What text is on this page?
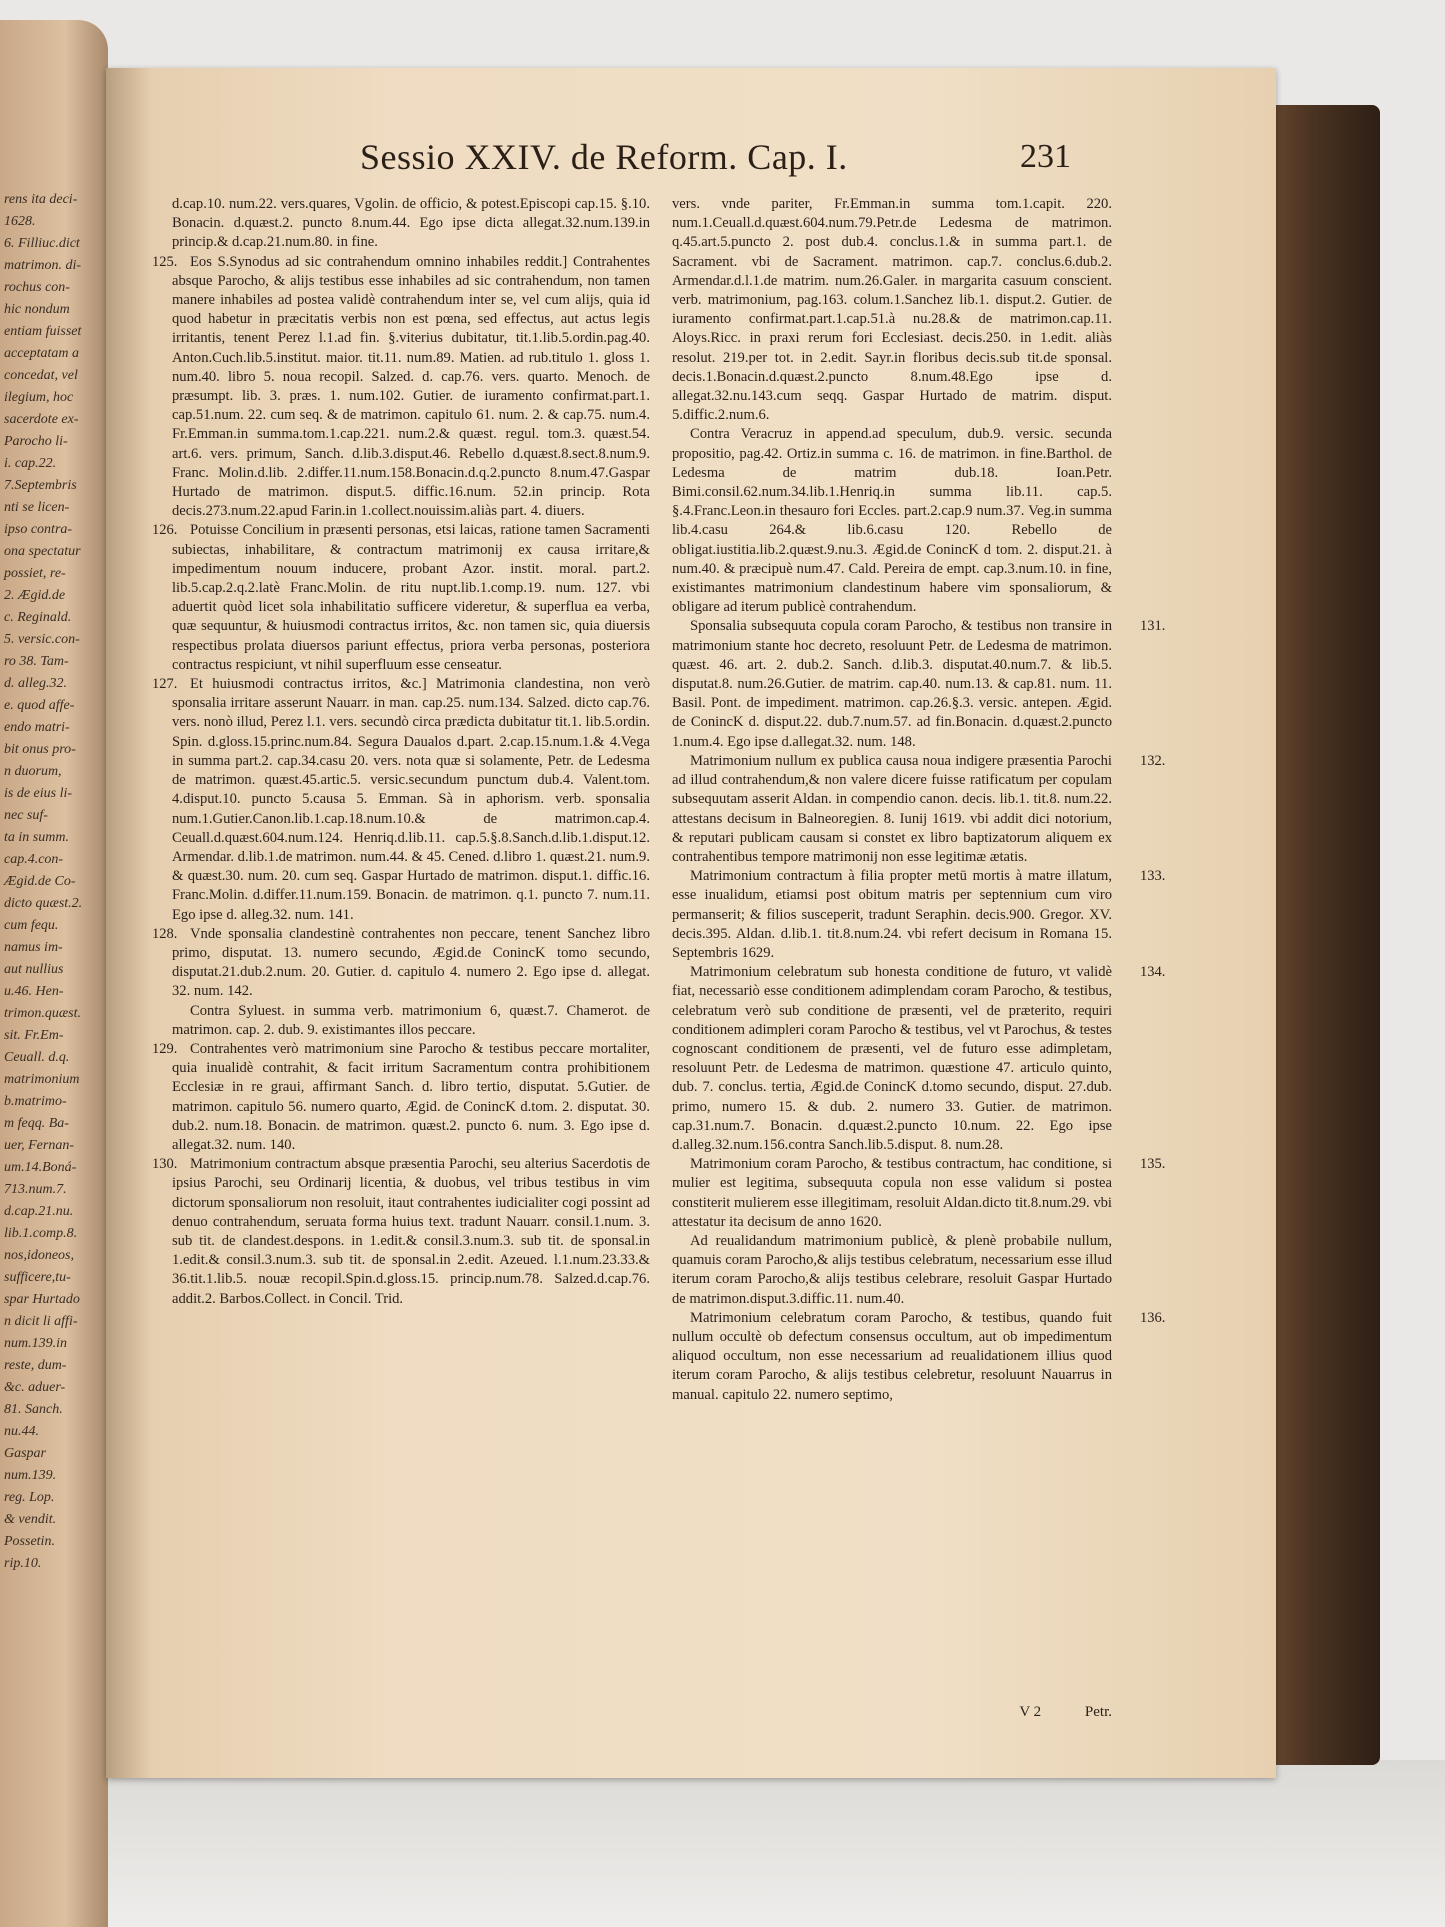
rens ita deci-
1628.
6. Filliuc.dict
matrimon. di-
rochus con-
hic nondum
entiam fuisset
acceptatam a
concedat, vel
ilegium, hoc
sacerdote ex-
Parocho li-
i. cap.22.
7.Septembris
nti se licen-
ipso contra-
ona spectatur
possiet, re-
2. Ægid.de
c. Reginald.
5. versic.con-
ro 38. Tam-
d. alleg.32.
e. quod affe-
endo matri-
bit onus pro-
n duorum,
is de eius li-
nec suf-
ta in summ.
cap.4.con-
Ægid.de Co-
dicto quæst.2.
cum fequ.
namus im-
aut nullius
u.46. Hen-
trimon.quæst.
sit. Fr.Em-
Ceuall. d.q.
matrimonium
b.matrimo-
m feqq. Ba-
uer, Fernan-
um.14.Boná-
713.num.7.
d.cap.21.nu.
lib.1.comp.8.
nos,idoneos,
sufficere,tu-
spar Hurtado
n dicit li affi-
num.139.in
reste, dum-
&c. aduer-
81. Sanch.
nu.44.
Gaspar
num.139.
reg. Lop.
& vendit.
Possetin.
rip.10.
Sessio XXIV. de Reform. Cap. I.	231

d.cap.10. num.22. vers.quares, Vgolin. de officio, & potest.Episcopi cap.15. §.10. Bonacin. d.quæst.2. puncto 8.num.44. Ego ipse dicta allegat.32.num.139.in princip.& d.cap.21.num.80. in fine.

125. Eos S.Synodus ad sic contrahendum omnino inhabiles reddit.] Contrahentes absque Parocho, & alijs testibus esse inhabiles ad sic contrahendum, non tamen manere inhabiles ad postea validè contrahendum inter se, vel cum alijs, quia id quod habetur in præcitatis verbis non est pœna, sed effectus, aut actus legis irritantis, tenent Perez l.1.ad fin. §.viterius dubitatur, tit.1.lib.5.ordin.pag.40. Anton.Cuch.lib.5.institut. maior. tit.11. num.89. Matien. ad rub.titulo 1. gloss 1. num.40. libro 5. noua recopil. Salzed. d. cap.76. vers. quarto. Menoch. de præsumpt. lib. 3. præs. 1. num.102. Gutier. de iuramento confirmat.part.1. cap.51.num. 22. cum seq. & de matrimon. capitulo 61. num. 2. & cap.75. num.4. Fr.Emman.in summa.tom.1.cap.221. num.2.& quæst. regul. tom.3. quæst.54. art.6. vers. primum, Sanch. d.lib.3.disput.46. Rebello d.quæst.8.sect.8.num.9. Franc. Molin.d.lib. 2.differ.11.num.158.Bonacin.d.q.2.puncto 8.num.47.Gaspar Hurtado de matrimon. disput.5. diffic.16.num. 52.in princip. Rota decis.273.num.22.apud Farin.in 1.collect.nouissim.aliàs part. 4. diuers.

126. Potuisse Concilium in præsenti personas, etsi laicas, ratione tamen Sacramenti subiectas, inhabilitare, & contractum matrimonij ex causa irritare,& impedimentum nouum inducere, probant Azor. instit. moral. part.2. lib.5.cap.2.q.2.latè Franc.Molin. de ritu nupt.lib.1.comp.19. num. 127. vbi aduertit quòd licet sola inhabilitatio sufficere videretur, & superflua ea verba, quæ sequuntur, & huiusmodi contractus irritos, &c. non tamen sic, quia diuersis respectibus prolata diuersos pariunt effectus, priora verba personas, posteriora contractus respiciunt, vt nihil superfluum esse censeatur.

127. Et huiusmodi contractus irritos, &c.] Matrimonia clandestina, non verò sponsalia irritare asserunt Nauarr. in man. cap.25. num.134. Salzed. dicto cap.76. vers. nonò illud, Perez l.1. vers. secundò circa prædicta dubitatur tit.1. lib.5.ordin. Spin. d.gloss.15.princ.num.84. Segura Daualos d.part. 2.cap.15.num.1.& 4.Vega in summa part.2. cap.34.casu 20. vers. nota quæ si solamente, Petr. de Ledesma de matrimon. quæst.45.artic.5. versic.secundum punctum dub.4. Valent.tom. 4.disput.10. puncto 5.causa 5. Emman. Sà in aphorism. verb. sponsalia num.1.Gutier.Canon.lib.1.cap.18.num.10.& de matrimon.cap.4. Ceuall.d.quæst.604.num.124. Henriq.d.lib.11. cap.5.§.8.Sanch.d.lib.1.disput.12. Armendar. d.lib.1.de matrimon. num.44. & 45. Cened. d.libro 1. quæst.21. num.9. & quæst.30. num. 20. cum seq. Gaspar Hurtado de matrimon. disput.1. diffic.16. Franc.Molin. d.differ.11.num.159. Bonacin. de matrimon. q.1. puncto 7. num.11. Ego ipse d. alleg.32. num. 141.

128. Vnde sponsalia clandestinè contrahentes non peccare, tenent Sanchez libro primo, disputat. 13. numero secundo, Ægid.de ConincK tomo secundo, disputat.21.dub.2.num. 20. Gutier. d. capitulo 4. numero 2. Ego ipse d. allegat. 32. num. 142.

Contra Syluest. in summa verb. matrimonium 6, quæst.7. Chamerot. de matrimon. cap. 2. dub. 9. existimantes illos peccare.

129. Contrahentes verò matrimonium sine Parocho & testibus peccare mortaliter, quia inualidè contrahit, & facit irritum Sacramentum contra prohibitionem Ecclesiæ in re graui, affirmant Sanch. d. libro tertio, disputat. 5.Gutier. de matrimon. capitulo 56. numero quarto, Ægid. de ConincK d.tom. 2. disputat. 30. dub.2. num.18. Bonacin. de matrimon. quæst.2. puncto 6. num. 3. Ego ipse d. allegat.32. num. 140.

130. Matrimonium contractum absque præsentia Parochi, seu alterius Sacerdotis de ipsius Parochi, seu Ordinarij licentia, & duobus, vel tribus testibus in vim dictorum sponsaliorum non resoluit, itaut contrahentes iudicialiter cogi possint ad denuo contrahendum, seruata forma huius text. tradunt Nauarr. consil.1.num. 3. sub tit. de clandest.despons. in 1.edit.& consil.3.num.3. sub tit. de sponsal.in 1.edit.& consil.3.num.3. sub tit. de sponsal.in 2.edit. Azeued. l.1.num.23.33.& 36.tit.1.lib.5. nouæ recopil.Spin.d.gloss.15. princip.num.78. Salzed.d.cap.76. addit.2. Barbos.Collect. in Concil. Trid.

vers. vnde pariter, Fr.Emman.in summa tom.1.capit. 220. num.1.Ceuall.d.quæst.604.num.79.Petr.de Ledesma de matrimon. q.45.art.5.puncto 2. post dub.4. conclus.1.& in summa part.1. de Sacrament. vbi de Sacrament. matrimon. cap.7. conclus.6.dub.2. Armendar.d.l.1.de matrim. num.26.Galer. in margarita casuum conscient. verb. matrimonium, pag.163. colum.1.Sanchez lib.1. disput.2. Gutier. de iuramento confirmat.part.1.cap.51.à nu.28.& de matrimon.cap.11. Aloys.Ricc. in praxi rerum fori Ecclesiast. decis.250. in 1.edit. aliàs resolut. 219.per tot. in 2.edit. Sayr.in floribus decis.sub tit.de sponsal. decis.1.Bonacin.d.quæst.2.puncto 8.num.48.Ego ipse d. allegat.32.nu.143.cum seqq. Gaspar Hurtado de matrim. disput. 5.diffic.2.num.6.

Contra Veracruz in append.ad speculum, dub.9. versic. secunda propositio, pag.42. Ortiz.in summa c. 16. de matrimon. in fine.Barthol. de Ledesma de matrim dub.18. Ioan.Petr. Bimi.consil.62.num.34.lib.1.Henriq.in summa lib.11. cap.5. §.4.Franc.Leon.in thesauro fori Eccles. part.2.cap.9 num.37. Veg.in summa lib.4.casu 264.& lib.6.casu 120. Rebello de obligat.iustitia.lib.2.quæst.9.nu.3. Ægid.de ConincK d tom. 2. disput.21. à num.40. & præcipuè num.47. Cald. Pereira de empt. cap.3.num.10. in fine, existimantes matrimonium clandestinum habere vim sponsaliorum, & obligare ad iterum publicè contrahendum.

131.
Sponsalia subsequuta copula coram Parocho, & testibus non transire in matrimonium stante hoc decreto, resoluunt Petr. de Ledesma de matrimon. quæst. 46. art. 2. dub.2. Sanch. d.lib.3. disputat.40.num.7. & lib.5. disputat.8. num.26.Gutier. de matrim. cap.40. num.13. & cap.81. num. 11. Basil. Pont. de impediment. matrimon. cap.26.§.3. versic. antepen. Ægid. de ConincK d. disput.22. dub.7.num.57. ad fin.Bonacin. d.quæst.2.puncto 1.num.4. Ego ipse d.allegat.32. num. 148.

132.
Matrimonium nullum ex publica causa noua indigere præsentia Parochi ad illud contrahendum,& non valere dicere fuisse ratificatum per copulam subsequutam asserit Aldan. in compendio canon. decis. lib.1. tit.8. num.22. attestans decisum in Balneoregien. 8. Iunij 1619. vbi addit dici notorium, & reputari publicam causam si constet ex libro baptizatorum aliquem ex contrahentibus tempore matrimonij non esse legitimæ ætatis.

133.
Matrimonium contractum à filia propter metū mortis à matre illatum, esse inualidum, etiamsi post obitum matris per septennium cum viro permanserit; & filios susceperit, tradunt Seraphin. decis.900. Gregor. XV. decis.395. Aldan. d.lib.1. tit.8.num.24. vbi refert decisum in Romana 15. Septembris 1629.

134.
Matrimonium celebratum sub honesta conditione de futuro, vt validè fiat, necessariò esse conditionem adimplendam coram Parocho, & testibus, celebratum verò sub conditione de præsenti, vel de præterito, requiri conditionem adimpleri coram Parocho & testibus, vel vt Parochus, & testes cognoscant conditionem de præsenti, vel de futuro esse adimpletam, resoluunt Petr. de Ledesma de matrimon. quæstione 47. articulo quinto, dub. 7. conclus. tertia, Ægid.de ConincK d.tomo secundo, disput. 27.dub. primo, numero 15. & dub. 2. numero 33. Gutier. de matrimon. cap.31.num.7. Bonacin. d.quæst.2.puncto 10.num. 22. Ego ipse d.alleg.32.num.156.contra Sanch.lib.5.disput. 8. num.28.

135.
Matrimonium coram Parocho, & testibus contractum, hac conditione, si mulier est legitima, subsequuta copula non esse validum si postea constiterit mulierem esse illegitimam, resoluit Aldan.dicto tit.8.num.29. vbi attestatur ita decisum de anno 1620.

Ad reualidandum matrimonium publicè, & plenè probabile nullum, quamuis coram Parocho,& alijs testibus celebratum, necessarium esse illud iterum coram Parocho,& alijs testibus celebrare, resoluit Gaspar Hurtado de matrimon.disput.3.diffic.11. num.40.

136.
Matrimonium celebratum coram Parocho, & testibus, quando fuit nullum occultè ob defectum consensus occultum, aut ob impedimentum aliquod occultum, non esse necessarium ad reualidationem illius quod iterum coram Parocho, & alijs testibus celebretur, resoluunt Nauarrus in manual. capitulo 22. numero septimo,

V 2	Petr.
